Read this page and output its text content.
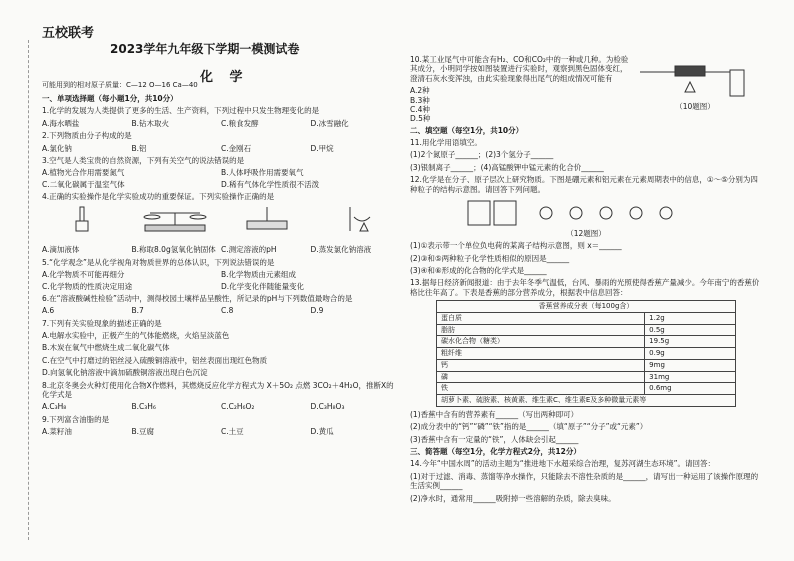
五校联考
2023学年九年级下学期一模测试卷
化 学
可能用到的相对原子质量：C—12 O—16 Ca—40
一、单项选择题（每小题1分，共10分）
1.化学的发展为人类提供了更多的生活、生产资料，下列过程中只发生物理变化的是
A.海水晒盐	B.钻木取火	C.粮食发酵	D.冰雪融化
2.下列物质由分子构成的是
A.氯化钠	B.铝	C.金刚石	D.甲烷
3.空气是人类宝贵的自然资源，下列有关空气的说法错误的是
A.植物光合作用需要氮气	B.人体呼吸作用需要氧气
C.二氧化碳属于温室气体	D.稀有气体化学性质很不活泼
4.正确的实验操作是化学实验成功的重要保证。下列实验操作正确的是
A.滴加液体	B.称取8.0g氢氧化钠固体 C.测定溶液的pH	D.蒸发氯化钠溶液
5.“化学观念”是从化学视角对物质世界的总体认识，下列说法错误的是
A.化学物质不可能再细分	B.化学物质由元素组成
C.化学物质的性质决定用途	D.化学变化伴随能量变化
6.在“溶液酸碱性检验”活动中，测得校园土壤样品呈酸性，所记录的pH与下列数值最吻合的是
A.6	B.7	C.8	D.9
7.下列有关实验现象的描述正确的是
A.电解水实验中，正极产生的气体能燃烧，火焰呈淡蓝色
B.木炭在氧气中燃烧生成二氧化碳气体
C.在空气中打磨过的铝丝浸入硫酸铜溶液中，铝丝表面出现红色物质
D.向氢氧化钠溶液中滴加硫酸铜溶液出现白色沉淀
8.北京冬奥会火种灯使用化合物X作燃料，其燃烧反应化学方程式为 X＋5O₂ 点燃 3CO₂＋4H₂O，推断X的化学式是
A.C₃H₈	B.C₃H₆	C.C₂H₆O₂	D.C₃H₈O₃
9.下列富含油脂的是
A.菜籽油	B.豆腐	C.土豆	D.黄瓜
10.某工业尾气中可能含有H₂、CO和CO₂中的一种或几种。为检验其成分，小明同学按如图装置进行实验时，观察到黑色固体变红，澄清石灰水变浑浊，由此实验现象得出尾气的组成情况可能有
A.2种
B.3种
C.4种
D.5种
（10题图）
二、填空题（每空1分，共10分）
11.用化学用语填空。
(1)2个氮原子______；(2)3个氢分子______
(3)银制离子______；(4)高锰酸钾中锰元素的化合价______
12.化学是在分子、原子层次上研究物质。下图是硼元素和铝元素在元素周期表中的信息，①～⑤分别为四种粒子的结构示意图。请回答下列问题。
（12题图）
(1)①表示带一个单位负电荷的某离子结构示意图，则 x＝______
(2)③和⑤两种粒子化学性质相似的原因是______
(3)④和⑥形成的化合物的化学式是______
13.据每日经济新闻报道：由于去年冬季气温低，台风、暴雨的光照使得香蕉产量减少。今年南宁的香蕉价格比往年高了。下表是香蕉的部分营养成分，根据表中信息回答：
香蕉营养成分表（每100g含）	
蛋白质	1.2g
脂肪	0.5g
碳水化合物（糖类）	19.5g
粗纤维	0.9g
钙	9mg
磷	31mg
铁	0.6mg
胡萝卜素、硫胺素、核黄素、维生素C、维生素E及多种微量元素等	
(1)香蕉中含有的营养素有______（写出两种即可）
(2)成分表中的“钙”“磷”“铁”指的是______（填“原子”“分子”或“元素”）
(3)香蕉中含有一定量的“铁”，人体缺会引起______
三、简答题（每空1分，化学方程式2分，共12分）
14.今年“中国水周”的活动主题为“推进地下水超采综合治理，复苏河湖生态环境”。请回答：
(1)对于过滤、消毒、蒸馏等净水操作，只能除去不溶性杂质的是______，请写出一种运用了该操作原理的生活实例______
(2)净水时，通常用______吸附掉一些溶解的杂质，除去臭味。
